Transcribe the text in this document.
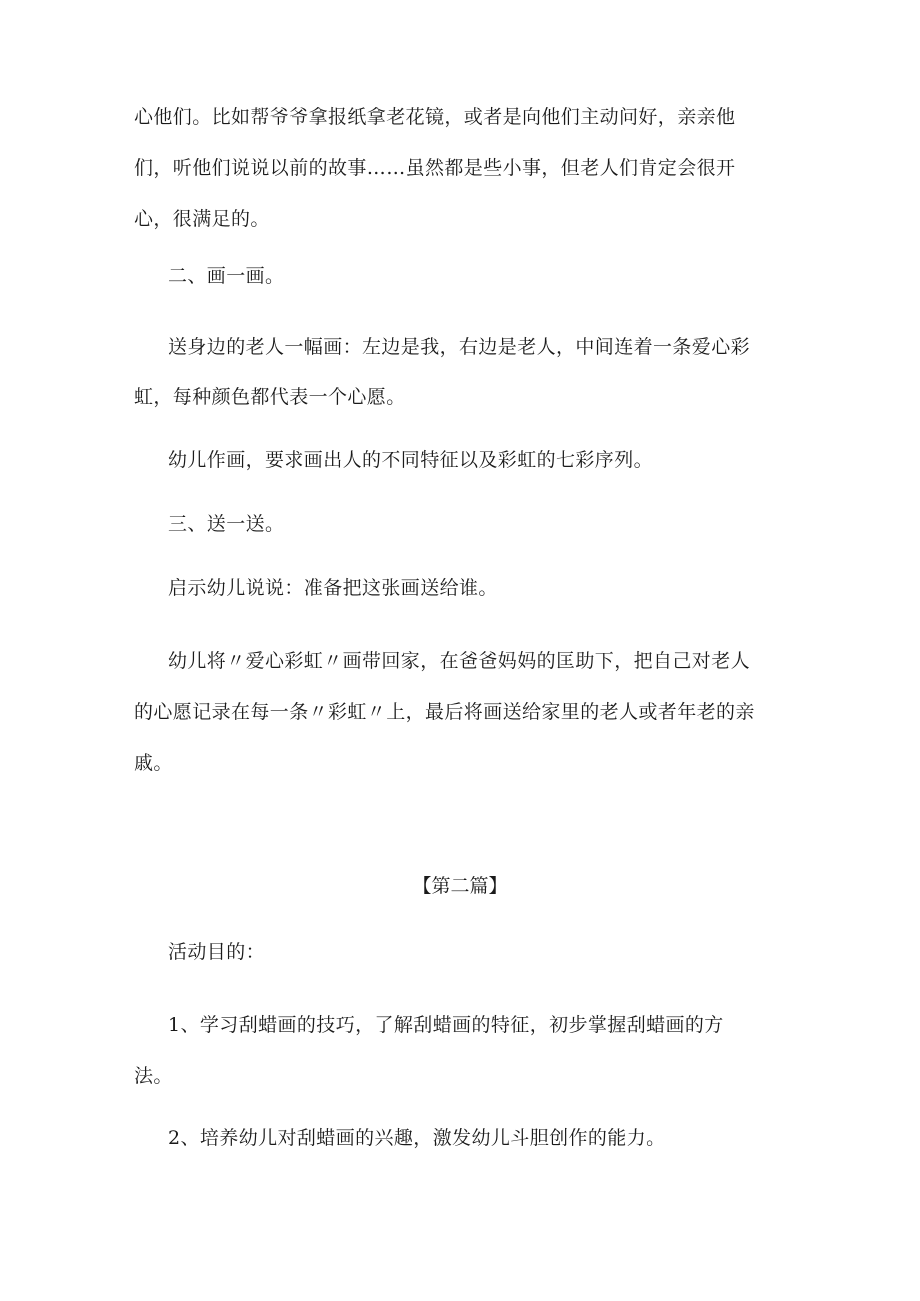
心他们。比如帮爷爷拿报纸拿老花镜，或者是向他们主动问好，亲亲他
们，听他们说说以前的故事……虽然都是些小事，但老人们肯定会很开
心，很满足的。
二、画一画。
送身边的老人一幅画：左边是我，右边是老人，中间连着一条爱心彩
虹，每种颜色都代表一个心愿。
幼儿作画，要求画出人的不同特征以及彩虹的七彩序列。
三、送一送。
启示幼儿说说：准备把这张画送给谁。
幼儿将〃爱心彩虹〃画带回家，在爸爸妈妈的匡助下，把自己对老人
的心愿记录在每一条〃彩虹〃上，最后将画送给家里的老人或者年老的亲
戚。
【第二篇】
活动目的：
1、学习刮蜡画的技巧，了解刮蜡画的特征，初步掌握刮蜡画的方
法。
2、培养幼儿对刮蜡画的兴趣，激发幼儿斗胆创作的能力。
